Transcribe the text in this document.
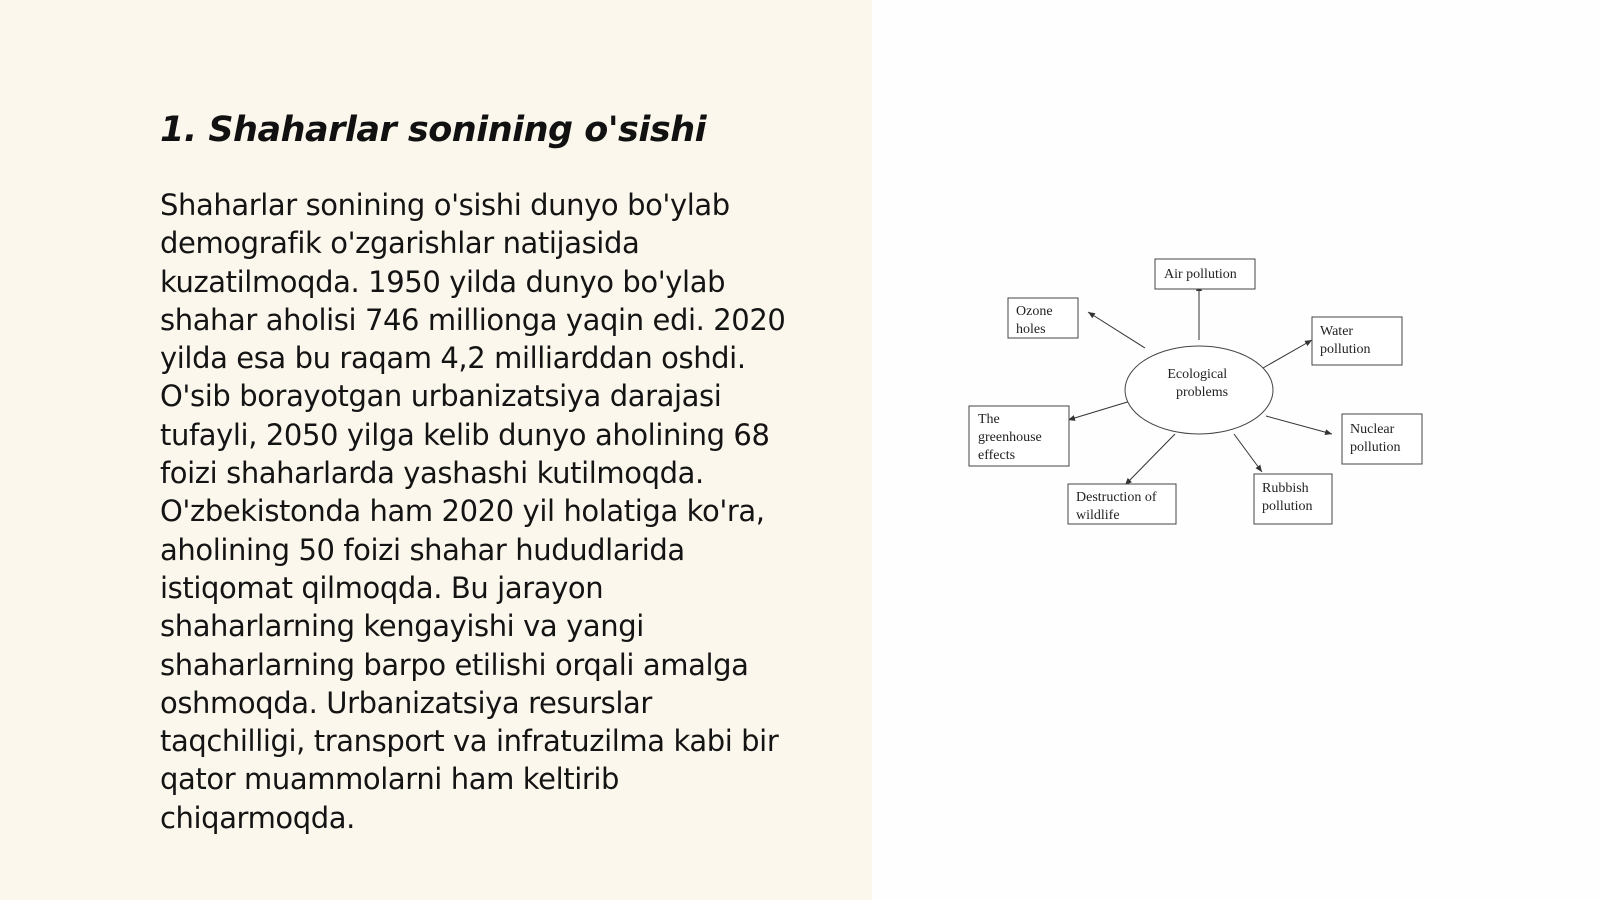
1. Shaharlar sonining o'sishi
Shaharlar sonining o'sishi dunyo bo'ylab
demografik o'zgarishlar natijasida
kuzatilmoqda. 1950 yilda dunyo bo'ylab
shahar aholisi 746 millionga yaqin edi. 2020
yilda esa bu raqam 4,2 milliarddan oshdi.
O'sib borayotgan urbanizatsiya darajasi
tufayli, 2050 yilga kelib dunyo aholining 68
foizi shaharlarda yashashi kutilmoqda.
O'zbekistonda ham 2020 yil holatiga ko'ra,
aholining 50 foizi shahar hududlarida
istiqomat qilmoqda. Bu jarayon
shaharlarning kengayishi va yangi
shaharlarning barpo etilishi orqali amalga
oshmoqda. Urbanizatsiya resurslar
taqchilligi, transport va infratuzilma kabi bir
qator muammolarni ham keltirib
chiqarmoqda.
Ecological problems
Air pollution
Ozone holes	Water pollution
The greenhouse effects
Nuclear pollution
Destruction of wildlife
Rubbish pollution
